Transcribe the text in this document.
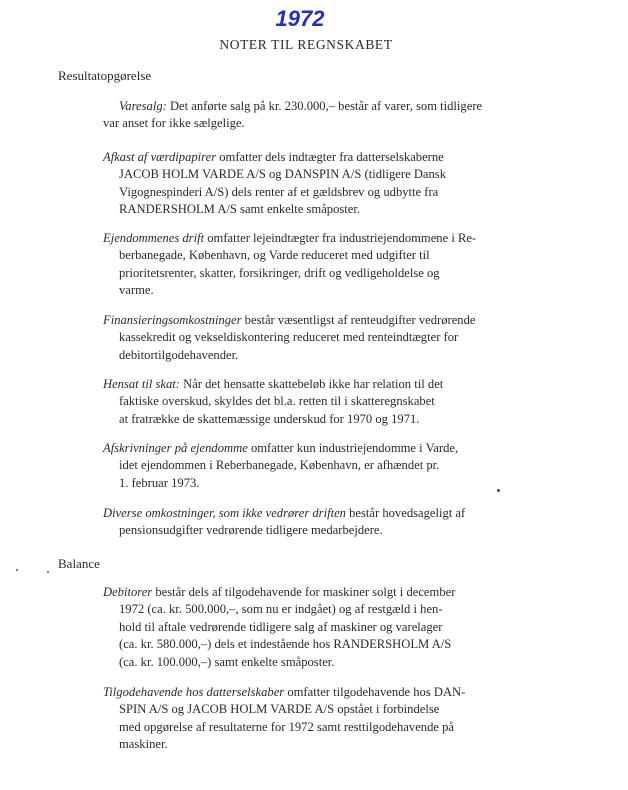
1972
NOTER TIL REGNSKABET
Resultatopgørelse
Varesalg: Det anførte salg på kr. 230.000,– består af varer, som tidligere
var anset for ikke sælgelige.
Afkast af værdipapirer omfatter dels indtægter fra datterselskaberne
JACOB HOLM VARDE A/S og DANSPIN A/S (tidligere Dansk
Vigognespinderi A/S) dels renter af et gældsbrev og udbytte fra
RANDERSHOLM A/S samt enkelte småposter.
Ejendommenes drift omfatter lejeindtægter fra industriejendommene i Re-
berbanegade, København, og Varde reduceret med udgifter til
prioritetsrenter, skatter, forsikringer, drift og vedligeholdelse og
varme.
Finansieringsomkostninger består væsentligst af renteudgifter vedrørende
kassekredit og vekseldiskontering reduceret med renteindtægter for
debitortilgodehavender.
Hensat til skat: Når det hensatte skattebeløb ikke har relation til det
faktiske overskud, skyldes det bl.a. retten til i skatteregnskabet
at fratrække de skattemæssige underskud for 1970 og 1971.
Afskrivninger på ejendomme omfatter kun industriejendomme i Varde,
idet ejendommen i Reberbanegade, København, er afhændet pr.
1. februar 1973.
Diverse omkostninger, som ikke vedrører driften består hovedsageligt af
pensionsudgifter vedrørende tidligere medarbejdere.
Balance
Debitorer består dels af tilgodehavende for maskiner solgt i december
1972 (ca. kr. 500.000,–, som nu er indgået) og af restgæld i hen-
hold til aftale vedrørende tidligere salg af maskiner og varelager
(ca. kr. 580.000,–) dels et indestående hos RANDERSHOLM A/S
(ca. kr. 100.000,–) samt enkelte småposter.
Tilgodehavende hos datterselskaber omfatter tilgodehavende hos DAN-
SPIN A/S og JACOB HOLM VARDE A/S opstået i forbindelse
med opgørelse af resultaterne for 1972 samt resttilgodehavende på
maskiner.
